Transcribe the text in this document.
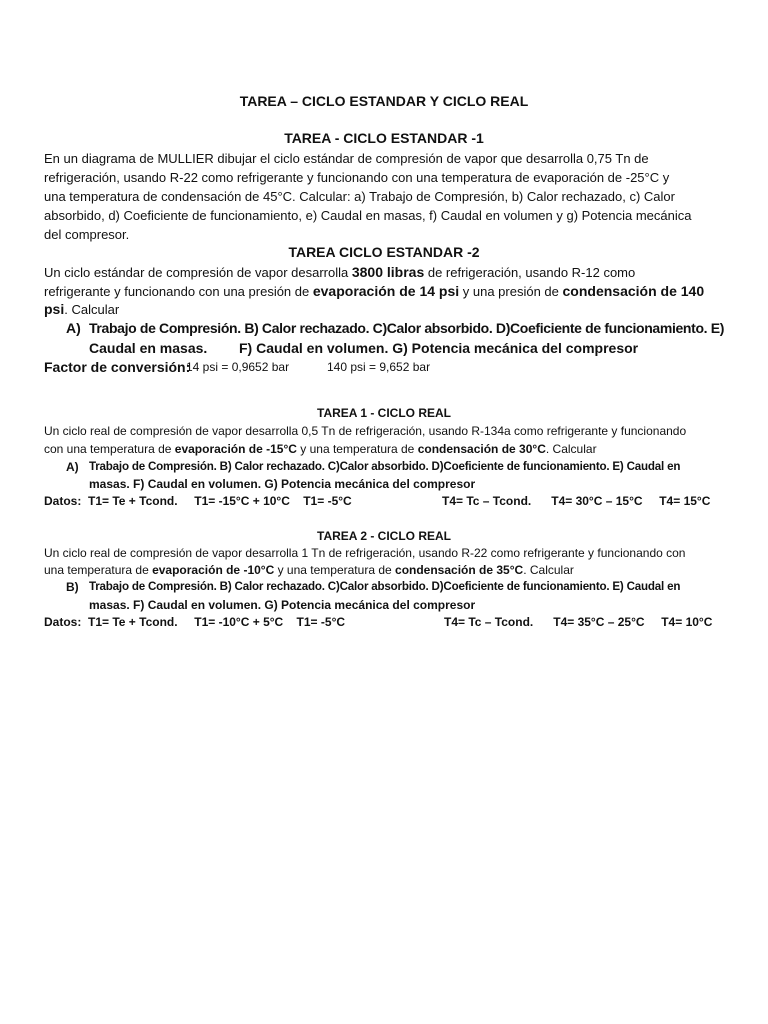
TAREA – CICLO ESTANDAR Y CICLO REAL
TAREA - CICLO ESTANDAR -1
En un diagrama de MULLIER dibujar el ciclo estándar de compresión de vapor que desarrolla 0,75 Tn de
refrigeración, usando R-22 como refrigerante y funcionando con una temperatura de evaporación de -25°C y
una temperatura de condensación de 45°C. Calcular: a) Trabajo de Compresión, b) Calor rechazado, c) Calor
absorbido, d) Coeficiente de funcionamiento, e) Caudal en masas, f) Caudal en volumen y g) Potencia mecánica
del compresor.
TAREA CICLO ESTANDAR -2
Un ciclo estándar de compresión de vapor desarrolla 3800 libras de refrigeración, usando R-12 como
refrigerante y funcionando con una presión de evaporación de 14 psi y una presión de condensación de 140
psi. Calcular
A) Trabajo de Compresión. B) Calor rechazado. C)Calor absorbido. D)Coeficiente de funcionamiento. E)
Caudal en masas. F) Caudal en volumen. G) Potencia mecánica del compresor
Factor de conversión:
14 psi = 0,9652 bar	140 psi = 9,652 bar
TAREA 1 - CICLO REAL
Un ciclo real de compresión de vapor desarrolla 0,5 Tn de refrigeración, usando R-134a como refrigerante y funcionando
con una temperatura de evaporación de -15°C y una temperatura de condensación de 30°C. Calcular
A) Trabajo de Compresión. B) Calor rechazado. C)Calor absorbido. D)Coeficiente de funcionamiento. E) Caudal en
masas. F) Caudal en volumen. G) Potencia mecánica del compresor
Datos:  T1= Te + Tcond.     T1= -15°C + 10°C    T1= -5°C	T4= Tc – Tcond.      T4= 30°C – 15°C     T4= 15°C
TAREA 2 - CICLO REAL
Un ciclo real de compresión de vapor desarrolla 1 Tn de refrigeración, usando R-22 como refrigerante y funcionando con
una temperatura de evaporación de -10°C y una temperatura de condensación de 35°C. Calcular
B) Trabajo de Compresión. B) Calor rechazado. C)Calor absorbido. D)Coeficiente de funcionamiento. E) Caudal en
masas. F) Caudal en volumen. G) Potencia mecánica del compresor
Datos:  T1= Te + Tcond.     T1= -10°C + 5°C    T1= -5°C	T4= Tc – Tcond.      T4= 35°C – 25°C     T4= 10°C
